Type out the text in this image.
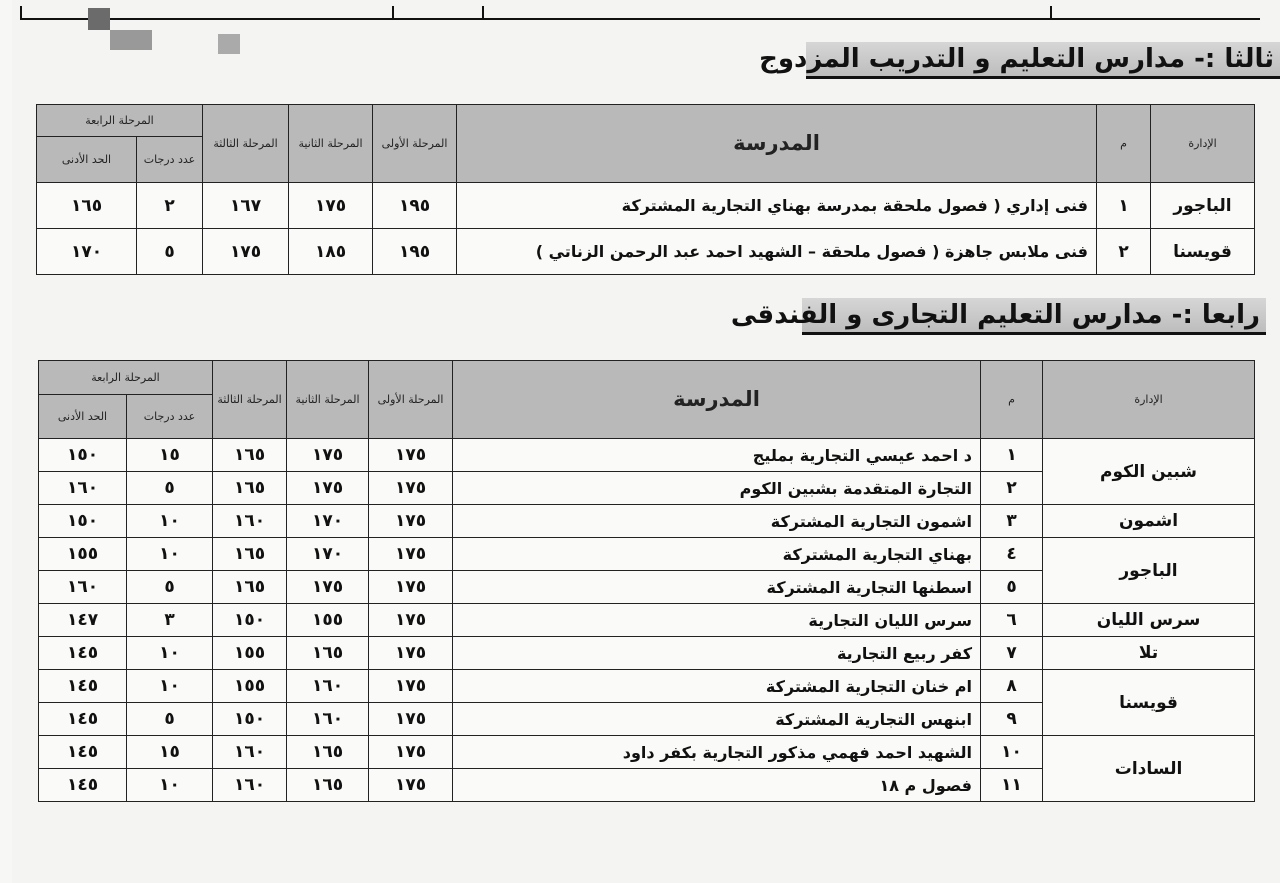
ثالثا :- مدارس التعليم و التدريب المزدوج
الإدارة	م	المدرسة	المرحلة الأولى	المرحلة الثانية	المرحلة الثالثة	المرحلة الرابعة	
						عدد درجات	الحد الأدنى
الباجور	١	فنى إداري ( فصول ملحقة بمدرسة بهناي التجارية المشتركة	١٩٥	١٧٥	١٦٧	٢	١٦٥
قويسنا	٢	فنى ملابس جاهزة ( فصول ملحقة – الشهيد احمد عبد الرحمن الزناتي )	١٩٥	١٨٥	١٧٥	٥	١٧٠
رابعا :- مدارس التعليم التجارى و الفندقى
الإدارة	م	المدرسة	المرحلة الأولى	المرحلة الثانية	المرحلة الثالثة	المرحلة الرابعة	
						عدد درجات	الحد الأدنى
شبين الكوم	١	د احمد عيسي التجارية بمليج	١٧٥	١٧٥	١٦٥	١٥	١٥٠
	٢	التجارة المتقدمة بشبين الكوم	١٧٥	١٧٥	١٦٥	٥	١٦٠
اشمون	٣	اشمون التجارية المشتركة	١٧٥	١٧٠	١٦٠	١٠	١٥٠
الباجور	٤	بهناي التجارية المشتركة	١٧٥	١٧٠	١٦٥	١٠	١٥٥
	٥	اسطنها التجارية المشتركة	١٧٥	١٧٥	١٦٥	٥	١٦٠
سرس الليان	٦	سرس الليان التجارية	١٧٥	١٥٥	١٥٠	٣	١٤٧
تلا	٧	كفر ربيع التجارية	١٧٥	١٦٥	١٥٥	١٠	١٤٥
قويسنا	٨	ام خنان التجارية المشتركة	١٧٥	١٦٠	١٥٥	١٠	١٤٥
	٩	ابنهس التجارية المشتركة	١٧٥	١٦٠	١٥٠	٥	١٤٥
السادات	١٠	الشهيد احمد فهمي مذكور التجارية بكفر داود	١٧٥	١٦٥	١٦٠	١٥	١٤٥
	١١	فصول م ١٨	١٧٥	١٦٥	١٦٠	١٠	١٤٥
